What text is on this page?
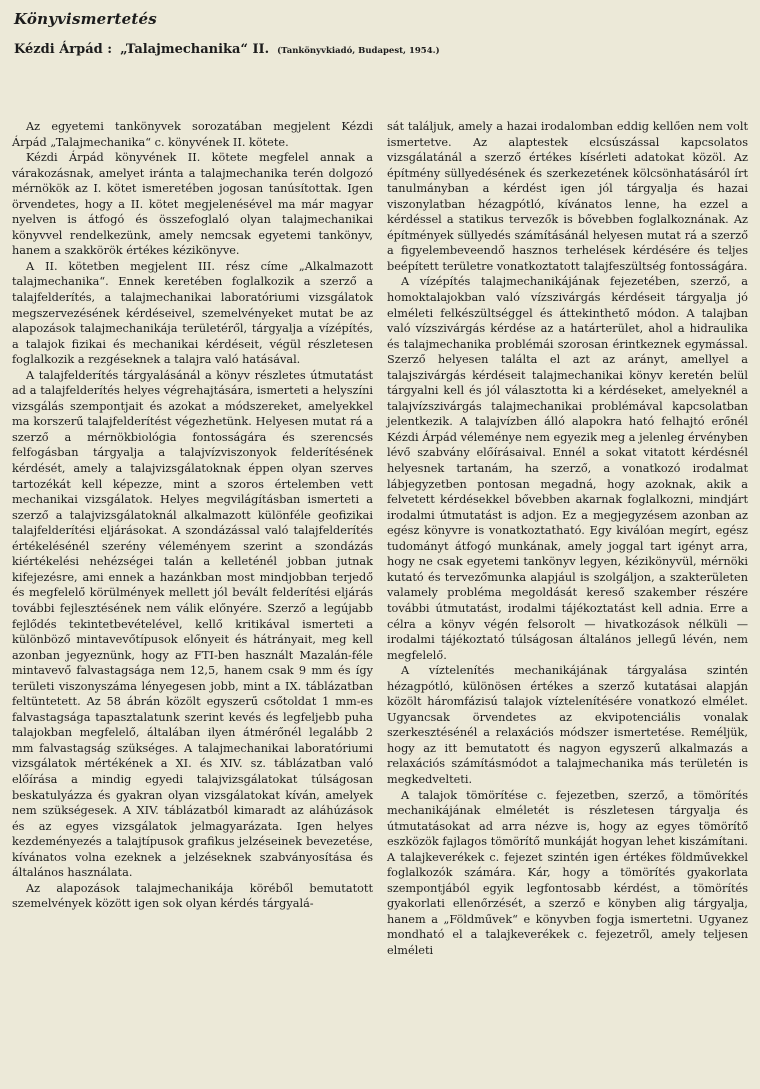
Könyvismertetés
Kézdi Árpád : „Talajmechanika“ II. (Tankönyvkiadó, Budapest, 1954.)

Az egyetemi tankönyvek sorozatában megjelent Kézdi Árpád „Talajmechanika“ c. könyvének II. kötete.

Kézdi Árpád könyvének II. kötete megfelel annak a várakozásnak, amelyet iránta a talajmechanika terén dolgozó mérnökök az I. kötet ismeretében jogosan tanúsítottak. Igen örvendetes, hogy a II. kötet megjelenésével ma már magyar nyelven is átfogó és összefoglaló olyan talajmechanikai könyvvel rendelkezünk, amely nemcsak egyetemi tankönyv, hanem a szakkörök értékes kézikönyve.

A II. kötetben megjelent III. rész címe „Alkalmazott talajmechanika“. Ennek keretében foglalkozik a szerző a talajfelderítés, a talajmechanikai laboratóriumi vizsgálatok megszervezésének kérdéseivel, szemelvényeket mutat be az alapozások talajmechanikája területéről, tárgyalja a vízépítés, a talajok fizikai és mechanikai kérdéseit, végül részletesen foglalkozik a rezgéseknek a talajra való hatásával.

A talajfelderítés tárgyalásánál a könyv részletes útmutatást ad a talajfelderítés helyes végrehajtására, ismerteti a helyszíni vizsgálás szempontjait és azokat a módszereket, amelyekkel ma korszerű talajfelderítést végezhetünk. Helyesen mutat rá a szerző a mérnökbiológia fontosságára és szerencsés felfogásban tárgyalja a talajvízviszonyok felderítésének kérdését, amely a talajvizsgálatoknak éppen olyan szerves tartozékát kell képezze, mint a szoros értelemben vett mechanikai vizsgálatok. Helyes megvilágításban ismerteti a szerző a talajvizsgálatoknál alkalmazott különféle geofizikai talajfelderítési eljárásokat. A szondázással való talajfelderítés értékelésénél szerény véleményem szerint a szondázás kiértékelési nehézségei talán a kelleténél jobban jutnak kifejezésre, ami ennek a hazánkban most mindjobban terjedő és megfelelő körülmények mellett jól bevált felderítési eljárás további fejlesztésének nem válik előnyére. Szerző a legújabb fejlődés tekintetbevételével, kellő kritikával ismerteti a különböző mintavevőtípusok előnyeit és hátrányait, meg kell azonban jegyeznünk, hogy az FTI-ben használt Mazalán-féle mintavevő falvastagsága nem 12,5, hanem csak 9 mm és így területi viszonyszáma lényegesen jobb, mint a IX. táblázatban feltüntetett. Az 58 ábrán közölt egyszerű csőtoldat 1 mm-es falvastagsága tapasztalatunk szerint kevés és legfeljebb puha talajokban megfelelő, általában ilyen átmérőnél legalább 2 mm falvastagság szükséges. A talajmechanikai laboratóriumi vizsgálatok mértékének a XI. és XIV. sz. táblázatban való előírása a mindig egyedi talajvizsgálatokat túlságosan beskatulyázza és gyakran olyan vizsgálatokat kíván, amelyek nem szükségesek. A XIV. táblázatból kimaradt az aláhúzások és az egyes vizsgálatok jelmagyarázata. Igen helyes kezdeményezés a talajtípusok grafikus jelzéseinek bevezetése, kívánatos volna ezeknek a jelzéseknek szabványosítása és általános használata.

Az alapozások talajmechanikája köréből bemutatott szemelvények között igen sok olyan kérdés tárgyalá-

sát találjuk, amely a hazai irodalomban eddig kellően nem volt ismertetve. Az alaptestek elcsúszással kapcsolatos vizsgálatánál a szerző értékes kísérleti adatokat közöl. Az építmény süllyedésének és szerkezetének kölcsönhatásáról írt tanulmányban a kérdést igen jól tárgyalja és hazai viszonylatban hézagpótló, kívánatos lenne, ha ezzel a kérdéssel a statikus tervezők is bővebben foglalkoznának. Az építmények süllyedés számításánál helyesen mutat rá a szerző a figyelembeveendő hasznos terhelések kérdésére és teljes beépített területre vonatkoztatott talajfeszültség fontosságára.

A vízépítés talajmechanikájának fejezetében, szerző, a homoktalajokban való vízszivárgás kérdéseit tárgyalja jó elméleti felkészültséggel és áttekinthető módon. A talajban való vízszivárgás kérdése az a határterület, ahol a hidraulika és talajmechanika problémái szorosan érintkeznek egymással. Szerző helyesen találta el azt az arányt, amellyel a talajszivárgás kérdéseit talajmechanikai könyv keretén belül tárgyalni kell és jól választotta ki a kérdéseket, amelyeknél a talajvízszivárgás talajmechanikai problémával kapcsolatban jelentkezik. A talajvízben álló alapokra ható felhajtó erőnél Kézdi Árpád véleménye nem egyezik meg a jelenleg érvényben lévő szabvány előírásaival. Ennél a sokat vitatott kérdésnél helyesnek tartanám, ha szerző, a vonatkozó irodalmat lábjegyzetben pontosan megadná, hogy azoknak, akik a felvetett kérdésekkel bővebben akarnak foglalkozni, mindjárt irodalmi útmutatást is adjon. Ez a megjegyzésem azonban az egész könyvre is vonatkoztatható. Egy kiválóan megírt, egész tudományt átfogó munkának, amely joggal tart igényt arra, hogy ne csak egyetemi tankönyv legyen, kézikönyvül, mérnöki kutató és tervezőmunka alapjául is szolgáljon, a szakterületen valamely probléma megoldását kereső szakember részére további útmutatást, irodalmi tájékoztatást kell adnia. Erre a célra a könyv végén felsorolt — hivatkozások nélküli — irodalmi tájékoztató túlságosan általános jellegű lévén, nem megfelelő.

A víztelenítés mechanikájának tárgyalása szintén hézagpótló, különösen értékes a szerző kutatásai alapján közölt háromfázisú talajok víztelenítésére vonatkozó elmélet. Ugyancsak örvendetes az ekvipotenciális vonalak szerkesztésénél a relaxációs módszer ismertetése. Reméljük, hogy az itt bemutatott és nagyon egyszerű alkalmazás a relaxációs számításmódot a talajmechanika más területén is megkedvelteti.

A talajok tömörítése c. fejezetben, szerző, a tömörítés mechanikájának elméletét is részletesen tárgyalja és útmutatásokat ad arra nézve is, hogy az egyes tömörítő eszközök fajlagos tömörítő munkáját hogyan lehet kiszámítani. A talajkeverékek c. fejezet szintén igen értékes földművekkel foglalkozók számára. Kár, hogy a tömörítés gyakorlata szempontjából egyik legfontosabb kérdést, a tömörítés gyakorlati ellenőrzését, a szerző e könyben alig tárgyalja, hanem a „Földművek“ e könyvben fogja ismertetni. Ugyanez mondható el a talajkeverékek c. fejezetről, amely teljesen elméleti
